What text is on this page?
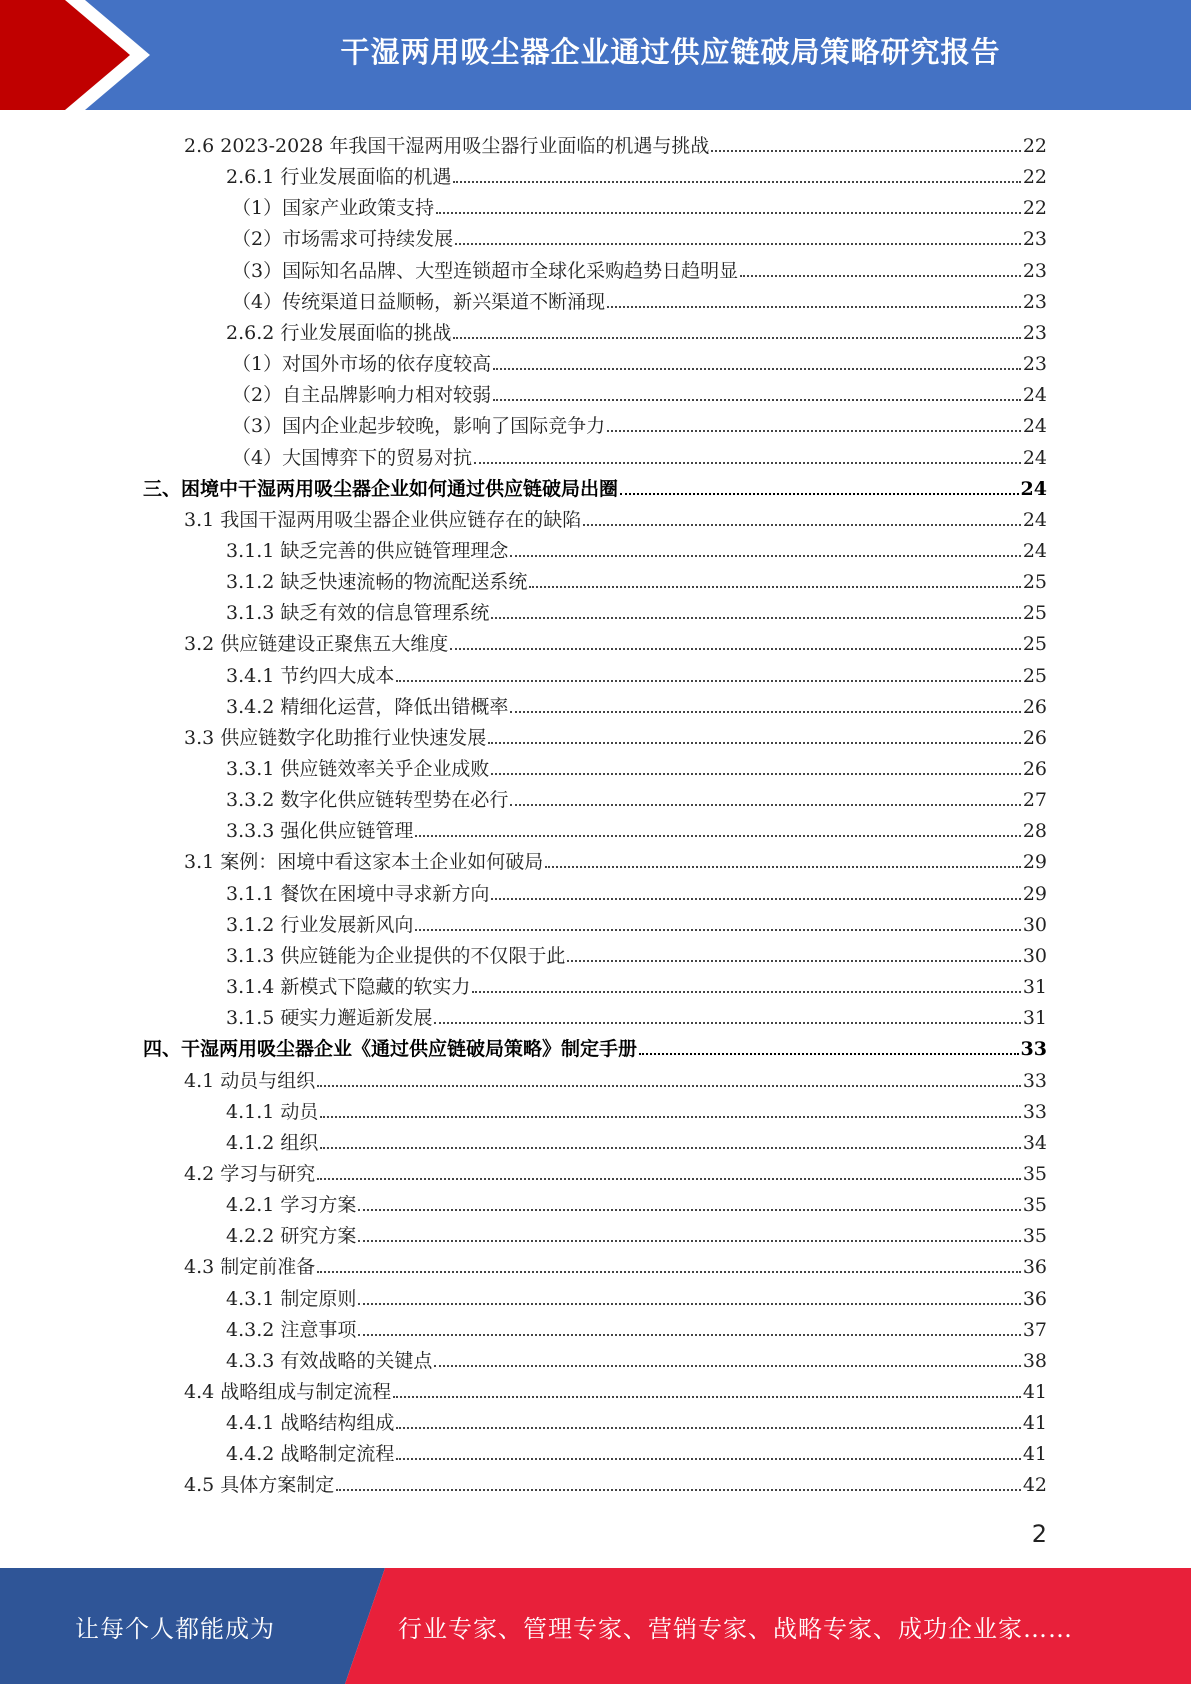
干湿两用吸尘器企业通过供应链破局策略研究报告
2.6 2023-2028 年我国干湿两用吸尘器行业面临的机遇与挑战	22
2.6.1 行业发展面临的机遇	22
（1）国家产业政策支持	22
（2）市场需求可持续发展	23
（3）国际知名品牌、大型连锁超市全球化采购趋势日趋明显	23
（4）传统渠道日益顺畅，新兴渠道不断涌现	23
2.6.2 行业发展面临的挑战	23
（1）对国外市场的依存度较高	23
（2）自主品牌影响力相对较弱	24
（3）国内企业起步较晚，影响了国际竞争力	24
（4）大国博弈下的贸易对抗	24
三、困境中干湿两用吸尘器企业如何通过供应链破局出圈	24
3.1 我国干湿两用吸尘器企业供应链存在的缺陷	24
3.1.1 缺乏完善的供应链管理理念	24
3.1.2 缺乏快速流畅的物流配送系统	25
3.1.3 缺乏有效的信息管理系统	25
3.2 供应链建设正聚焦五大维度	25
3.4.1 节约四大成本	25
3.4.2 精细化运营，降低出错概率	26
3.3 供应链数字化助推行业快速发展	26
3.3.1 供应链效率关乎企业成败	26
3.3.2 数字化供应链转型势在必行	27
3.3.3 强化供应链管理	28
3.1 案例：困境中看这家本土企业如何破局	29
3.1.1 餐饮在困境中寻求新方向	29
3.1.2 行业发展新风向	30
3.1.3 供应链能为企业提供的不仅限于此	30
3.1.4 新模式下隐藏的软实力	31
3.1.5 硬实力邂逅新发展	31
四、干湿两用吸尘器企业《通过供应链破局策略》制定手册	33
4.1 动员与组织	33
4.1.1 动员	33
4.1.2 组织	34
4.2 学习与研究	35
4.2.1 学习方案	35
4.2.2 研究方案	35
4.3 制定前准备	36
4.3.1 制定原则	36
4.3.2 注意事项	37
4.3.3 有效战略的关键点	38
4.4 战略组成与制定流程	41
4.4.1 战略结构组成	41
4.4.2 战略制定流程	41
4.5 具体方案制定	42
2
让每个人都能成为	行业专家、管理专家、营销专家、战略专家、成功企业家……
